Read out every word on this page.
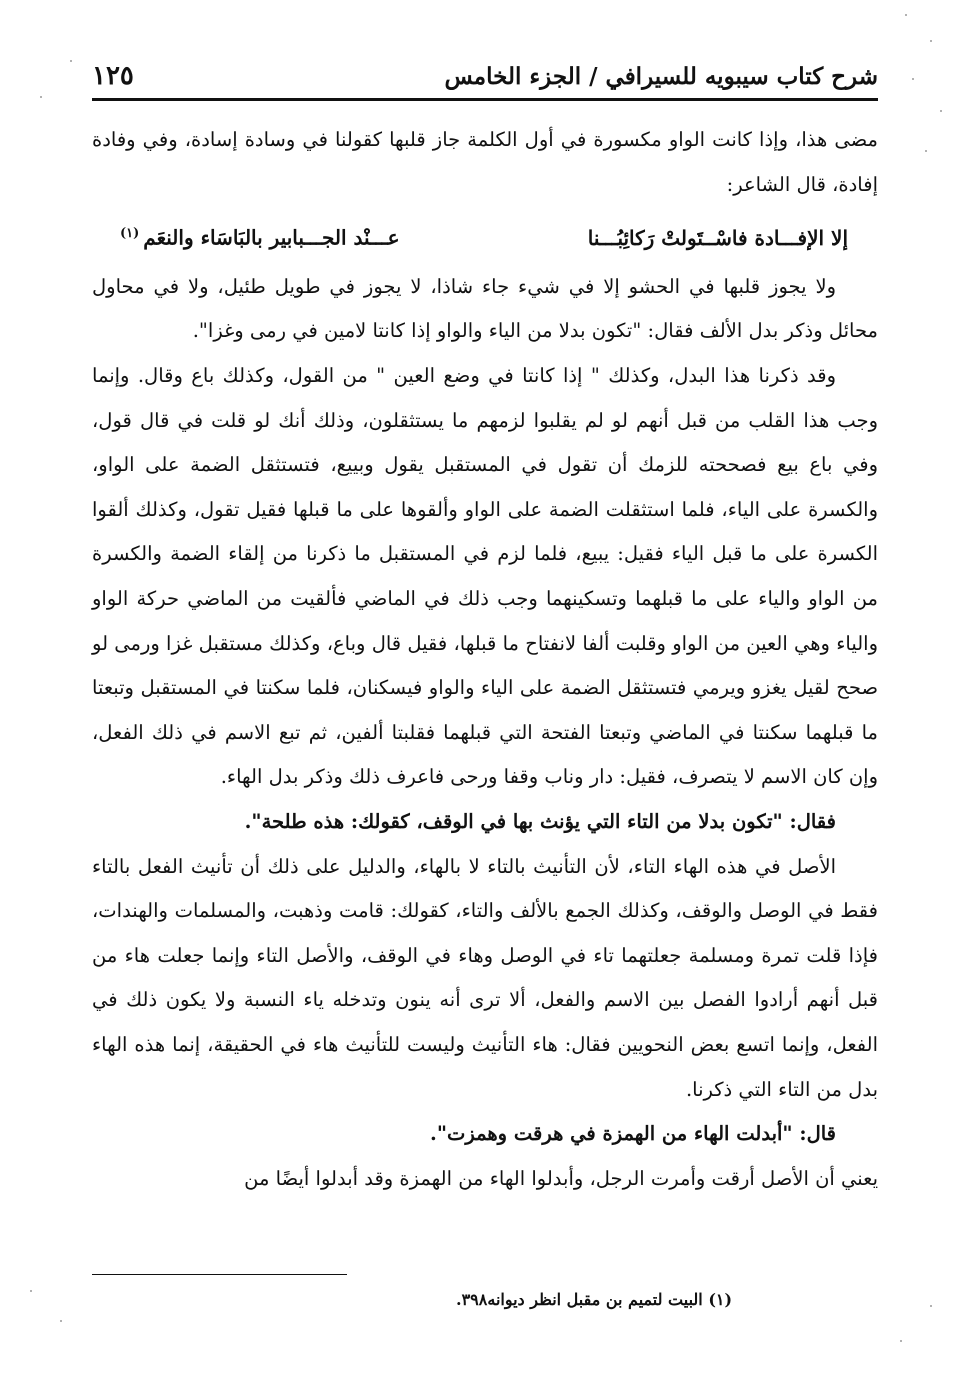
شرح كتاب سيبويه للسيرافي / الجزء الخامس
١٢٥

مضى هذا، وإذا كانت الواو مكسورة في أول الكلمة جاز قلبها كقولنا في وسادة إسادة، وفي وفادة إفادة، قال الشاعر:

إلا الإفـــادة فاسْــتَولتْ رَكائِبُـــنا
عـــنْد الجـــبابير بالبَاسَاء والنعَم$^{(١)}$

ولا يجوز قلبها في الحشو إلا في شيء جاء شاذا، لا يجوز في طويل طئيل، ولا في محاول محائل وذكر بدل الألف فقال: "تكون بدلا من الياء والواو إذا كانتا لامين في رمى وغزا".

وقد ذكرنا هذا البدل، وكذلك " إذا كانتا في وضع العين " من القول، وكذلك باع وقال. وإنما وجب هذا القلب من قبل أنهم لو لم يقلبوا لزمهم ما يستثقلون، وذلك أنك لو قلت في قال قول، وفي باع بيع فصححته للزمك أن تقول في المستقبل يقول وبييع، فتستثقل الضمة على الواو، والكسرة على الياء، فلما استثقلت الضمة على الواو وألقوها على ما قبلها فقيل تقول، وكذلك ألقوا الكسرة على ما قبل الياء فقيل: يبيع، فلما لزم في المستقبل ما ذكرنا من إلقاء الضمة والكسرة من الواو والياء على ما قبلهما وتسكينهما وجب ذلك في الماضي فألقيت من الماضي حركة الواو والياء وهي العين من الواو وقلبت ألفا لانفتاح ما قبلها، فقيل قال وباع، وكذلك مستقبل غزا ورمى لو صحح لقيل يغزو ويرمي فتستثقل الضمة على الياء والواو فيسكنان، فلما سكنتا في المستقبل وتبعتا ما قبلهما سكنتا في الماضي وتبعتا الفتحة التي قبلهما فقلبتا ألفين، ثم تبع الاسم في ذلك الفعل، وإن كان الاسم لا يتصرف، فقيل: دار وناب وقفا ورحى فاعرف ذلك وذكر بدل الهاء.

فقال: "تكون بدلا من التاء التي يؤنث بها في الوقف، كقولك: هذه طلحة".

الأصل في هذه الهاء التاء، لأن التأنيث بالتاء لا بالهاء، والدليل على ذلك أن تأنيث الفعل بالتاء فقط في الوصل والوقف، وكذلك الجمع بالألف والتاء، كقولك: قامت وذهبت، والمسلمات والهندات، فإذا قلت تمرة ومسلمة جعلتهما تاء في الوصل وهاء في الوقف، والأصل التاء وإنما جعلت هاء من قبل أنهم أرادوا الفصل بين الاسم والفعل، ألا ترى أنه ينون وتدخله ياء النسبة ولا يكون ذلك في الفعل، وإنما اتسع بعض النحويين فقال: هاء التأنيث وليست للتأنيث هاء في الحقيقة، إنما هذه الهاء بدل من التاء التي ذكرنا.

قال: "أبدلت الهاء من الهمزة في هرقت وهمزت".

يعني أن الأصل أرقت وأمرت الرجل، وأبدلوا الهاء من الهمزة وقد أبدلوا أيضًا من

(١) البيت لتميم بن مقبل انظر ديوانه٣٩٨.
